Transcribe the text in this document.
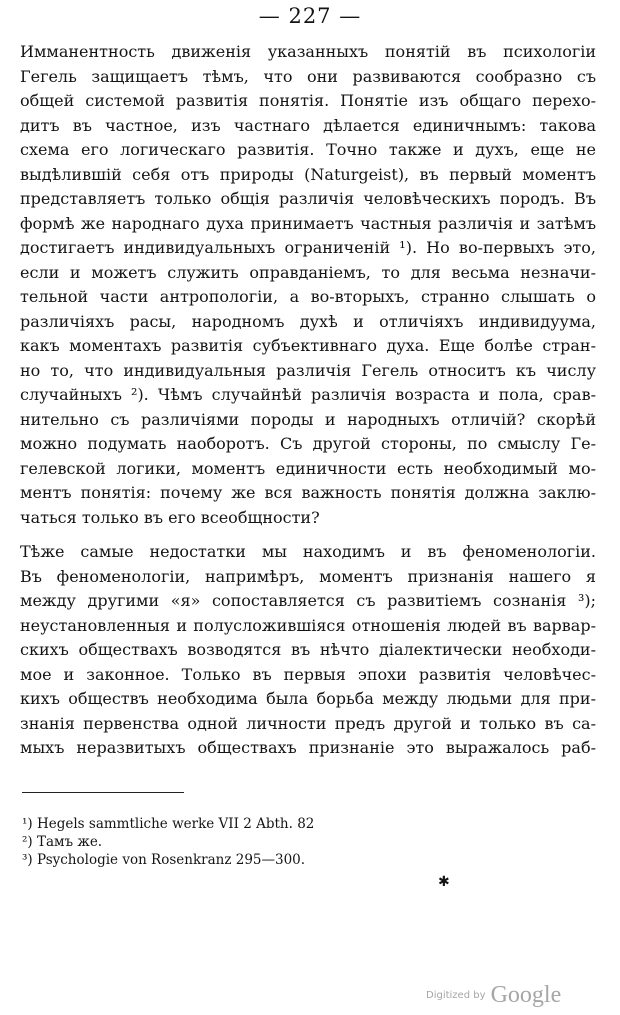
— 227 —
Имманентность движенія указанныхъ понятій въ психологіи
Гегель защищаетъ тѣмъ, что они развиваются сообразно съ
общей системой развитія понятія. Понятіе изъ общаго перехо-
дитъ въ частное, изъ частнаго дѣлается единичнымъ: такова
схема его логическаго развитія. Точно также и духъ, еще не
выдѣлившій себя отъ природы (Naturgeist), въ первый моментъ
представляетъ только общія различія человѣческихъ породъ. Въ
формѣ же народнаго духа принимаетъ частныя различія и затѣмъ
достигаетъ индивидуальныхъ ограниченій ¹). Но во-первыхъ это,
если и можетъ служить оправданіемъ, то для весьма незначи-
тельной части антропологіи, а во-вторыхъ, странно слышать о
различіяхъ расы, народномъ духѣ и отличіяхъ индивидуума,
какъ моментахъ развитія субъективнаго духа. Еще болѣе стран-
но то, что индивидуальныя различія Гегель относитъ къ числу
случайныхъ ²). Чѣмъ случайнѣй различія возраста и пола, срав-
нительно съ различіями породы и народныхъ отличій? скорѣй
можно подумать наоборотъ. Съ другой стороны, по смыслу Ге-
гелевской логики, моментъ единичности есть необходимый мо-
ментъ понятія: почему же вся важность понятія должна заклю-
чаться только въ его всеобщности?
Тѣже самые недостатки мы находимъ и въ феноменологіи.
Въ феноменологіи, напримѣръ, моментъ признанія нашего я
между другими «я» сопоставляется съ развитіемъ сознанія ³);
неустановленныя и полусложившіяся отношенія людей въ варвар-
скихъ обществахъ возводятся въ нѣчто діалектически необходи-
мое и законное. Только въ первыя эпохи развитія человѣчес-
кихъ обществъ необходима была борьба между людьми для при-
знанія первенства одной личности предъ другой и только въ са-
мыхъ неразвитыхъ обществахъ признаніе это выражалось раб-
¹) Hegels sammtliche werke VII 2 Abth. 82
²) Тамъ же.
³) Psychologie von Rosenkranz 295—300.
✱
Digitized by Google
